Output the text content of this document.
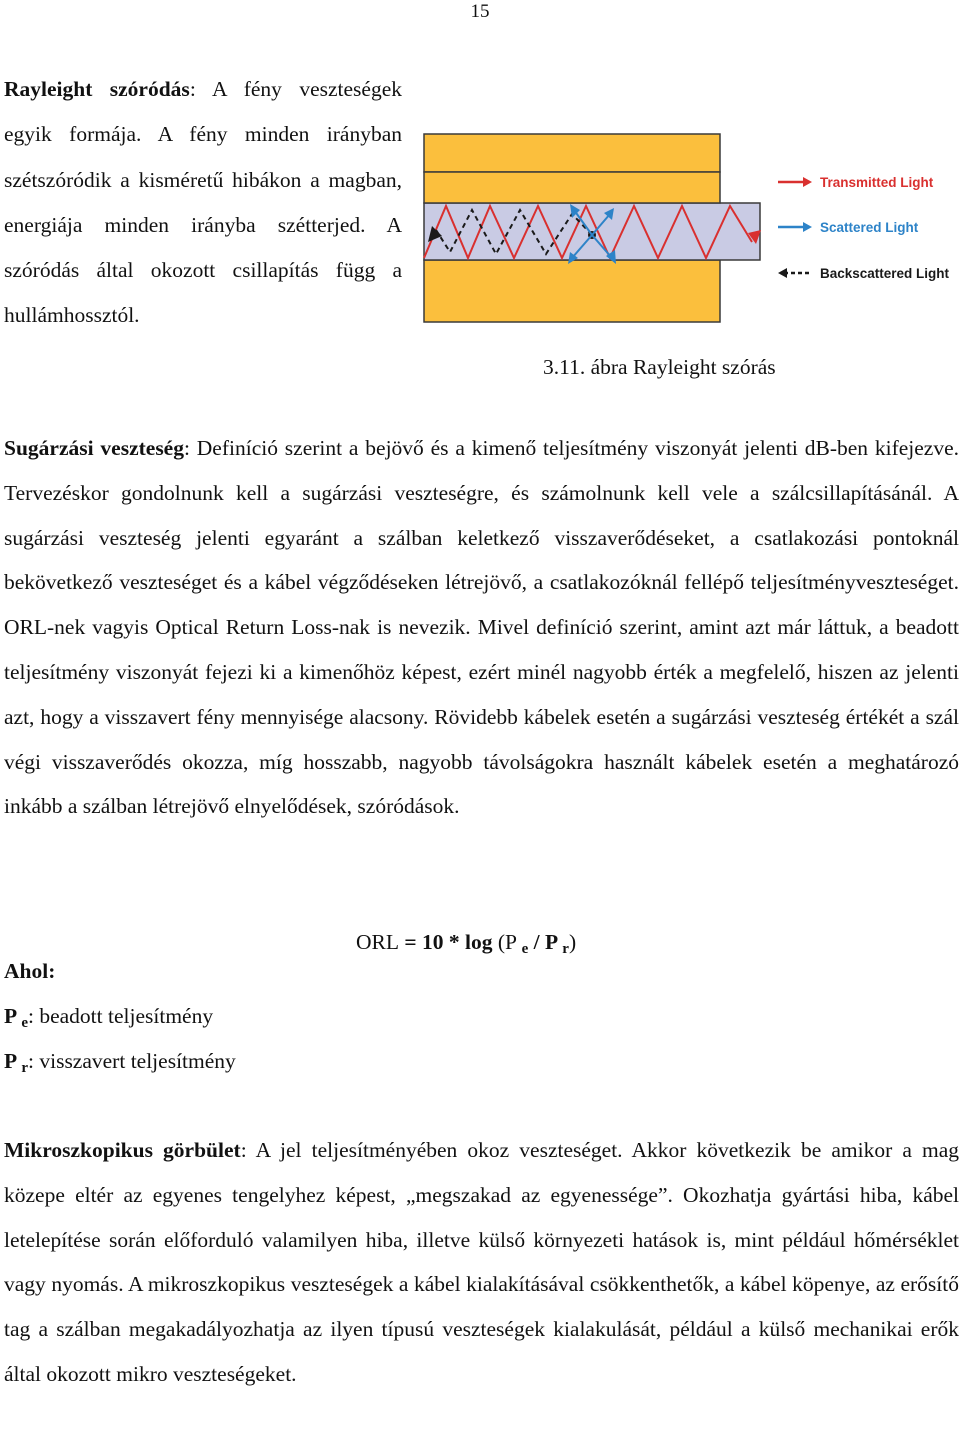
15

Rayleight szóródás: A fény veszteségek egyik formája. A fény minden irányban szétszóródik a kisméretű hibákon a magban, energiája minden irányba szétterjed. A szóródás által okozott csillapítás függ a hullámhossztól.

Transmitted Light
Scattered Light
Backscattered Light
3.11. ábra Rayleight szórás

Sugárzási veszteség: Definíció szerint a bejövő és a kimenő teljesítmény viszonyát jelenti dB-ben kifejezve. Tervezéskor gondolnunk kell a sugárzási veszteségre, és számolnunk kell vele a szálcsillapításánál. A sugárzási veszteség jelenti egyaránt a szálban keletkező visszaverődéseket, a csatlakozási pontoknál bekövetkező veszteséget és a kábel végződéseken létrejövő, a csatlakozóknál fellépő teljesítményveszteséget. ORL-nek vagyis Optical Return Loss-nak is nevezik. Mivel definíció szerint, amint azt már láttuk, a beadott teljesítmény viszonyát fejezi ki a kimenőhöz képest, ezért minél nagyobb érték a megfelelő, hiszen az jelenti azt, hogy a visszavert fény mennyisége alacsony. Rövidebb kábelek esetén a sugárzási veszteség értékét a szál végi visszaverődés okozza, míg hosszabb, nagyobb távolságokra használt kábelek esetén a meghatározó inkább a szálban létrejövő elnyelődések, szóródások.

ORL = 10 * log (P $_e$ / P $_r$)
Ahol:
P $_e$: beadott teljesítmény
P $_r$: visszavert teljesítmény

Mikroszkopikus görbület: A jel teljesítményében okoz veszteséget. Akkor következik be amikor a mag közepe eltér az egyenes tengelyhez képest, „megszakad az egyenessége”. Okozhatja gyártási hiba, kábel letelepítése során előforduló valamilyen hiba, illetve külső környezeti hatások is, mint például hőmérséklet vagy nyomás. A mikroszkopikus veszteségek a kábel kialakításával csökkenthetők, a kábel köpenye, az erősítő tag a szálban megakadályozhatja az ilyen típusú veszteségek kialakulását, például a külső mechanikai erők által okozott mikro veszteségeket.
